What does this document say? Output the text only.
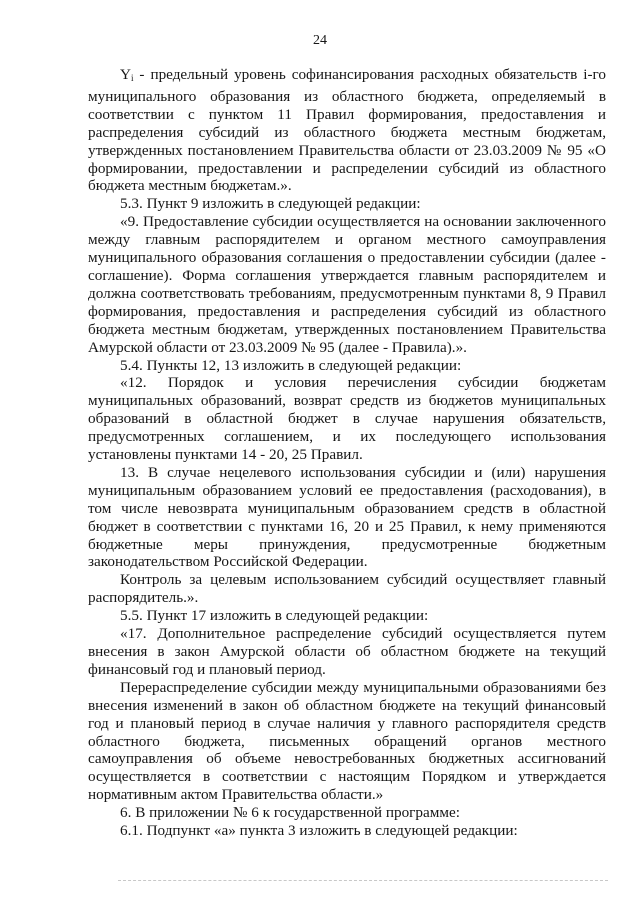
24

$Y_i$ - предельный уровень софинансирования расходных обязательств i-го муниципального образования из областного бюджета, определяемый в соответствии с пунктом 11 Правил формирования, предоставления и распределения субсидий из областного бюджета местным бюджетам, утвержденных постановлением Правительства области от 23.03.2009 № 95 «О формировании, предоставлении и распределении субсидий из областного бюджета местным бюджетам.».

5.3. Пункт 9 изложить в следующей редакции:

«9. Предоставление субсидии осуществляется на основании заключенного между главным распорядителем и органом местного самоуправления муниципального образования соглашения о предоставлении субсидии (далее - соглашение). Форма соглашения утверждается главным распорядителем и должна соответствовать требованиям, предусмотренным пунктами 8, 9 Правил формирования, предоставления и распределения субсидий из областного бюджета местным бюджетам, утвержденных постановлением Правительства Амурской области от 23.03.2009 № 95 (далее - Правила).».

5.4. Пункты 12, 13 изложить в следующей редакции:

«12. Порядок и условия перечисления субсидии бюджетам муниципальных образований, возврат средств из бюджетов муниципальных образований в областной бюджет в случае нарушения обязательств, предусмотренных соглашением, и их последующего использования установлены пунктами 14 - 20, 25 Правил.

13. В случае нецелевого использования субсидии и (или) нарушения муниципальным образованием условий ее предоставления (расходования), в том числе невозврата муниципальным образованием средств в областной бюджет в соответствии с пунктами 16, 20 и 25 Правил, к нему применяются бюджетные меры принуждения, предусмотренные бюджетным законодательством Российской Федерации.

Контроль за целевым использованием субсидий осуществляет главный распорядитель.».

5.5. Пункт 17 изложить в следующей редакции:

«17. Дополнительное распределение субсидий осуществляется путем внесения в закон Амурской области об областном бюджете на текущий финансовый год и плановый период.

Перераспределение субсидии между муниципальными образованиями без внесения изменений в закон об областном бюджете на текущий финансовый год и плановый период в случае наличия у главного распорядителя средств областного бюджета, письменных обращений органов местного самоуправления об объеме невостребованных бюджетных ассигнований осуществляется в соответствии с настоящим Порядком и утверждается нормативным актом Правительства области.»

6. В приложении № 6 к государственной программе:

6.1. Подпункт «а» пункта 3 изложить в следующей редакции:
